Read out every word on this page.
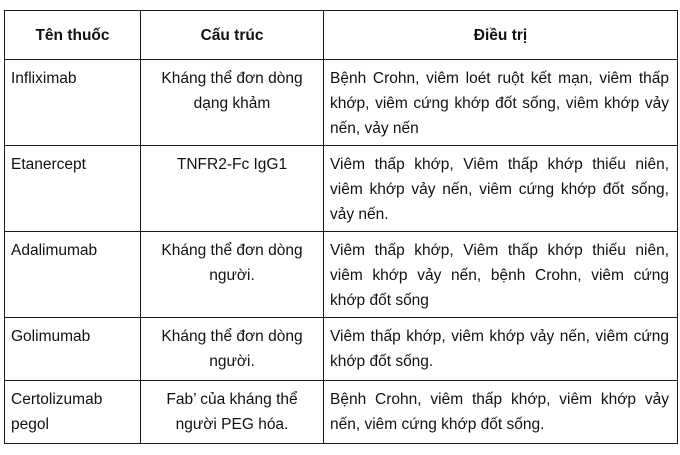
Tên thuốc	Cấu trúc	Điều trị
Infliximab	Kháng thể đơn dòng dạng khảm	Bệnh Crohn, viêm loét ruột kết mạn, viêm thấp khớp, viêm cứng khớp đốt sống, viêm khớp vảy nến, vảy nến
Etanercept	TNFR2-Fc IgG1	Viêm thấp khớp, Viêm thấp khớp thiếu niên, viêm khớp vảy nến, viêm cứng khớp đốt sống, vảy nến.
Adalimumab	Kháng thể đơn dòng người.	Viêm thấp khớp, Viêm thấp khớp thiếu niên, viêm khớp vảy nến, bệnh Crohn, viêm cứng khớp đốt sống
Golimumab	Kháng thể đơn dòng người.	Viêm thấp khớp, viêm khớp vảy nến, viêm cứng khớp đốt sống.
Certolizumab pegol	Fab’ của kháng thể người PEG hóa.	Bệnh Crohn, viêm thấp khớp, viêm khớp vảy nến, viêm cứng khớp đốt sống.
